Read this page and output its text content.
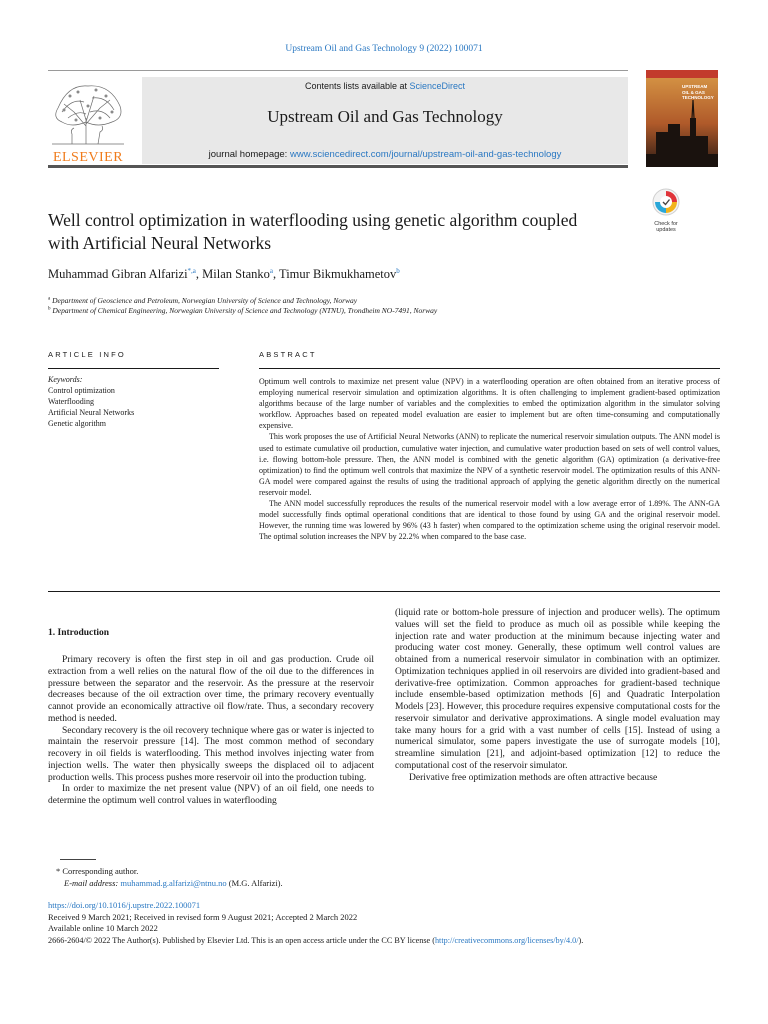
Upstream Oil and Gas Technology 9 (2022) 100071
ELSEVIER
Contents lists available at ScienceDirect
Upstream Oil and Gas Technology
journal homepage: www.sciencedirect.com/journal/upstream-oil-and-gas-technology
UPSTREAM
OIL & GAS
TECHNOLOGY
Check for
updates
Well control optimization in waterflooding using genetic algorithm coupled
with Artificial Neural Networks
Muhammad Gibran Alfarizi$^{*,a}$, Milan Stanko$^a$, Timur Bikmukhametov$^b$
$^a$ Department of Geoscience and Petroleum, Norwegian University of Science and Technology, Norway
$^b$ Department of Chemical Engineering, Norwegian University of Science and Technology (NTNU), Trondheim NO-7491, Norway
ARTICLE INFO
Keywords:
Control optimization
Waterflooding
Artificial Neural Networks
Genetic algorithm
ABSTRACT

Optimum well controls to maximize net present value (NPV) in a waterflooding operation are often obtained from an iterative process of employing numerical reservoir simulation and optimization algorithms. It is often challenging to implement gradient-based optimization algorithms because of the large number of variables and the complexities to embed the optimization algorithm in the simulator solving workflow. Approaches based on repeated model evaluation are easier to implement but are often time-consuming and computationally expensive.

This work proposes the use of Artificial Neural Networks (ANN) to replicate the numerical reservoir simulation outputs. The ANN model is used to estimate cumulative oil production, cumulative water injection, and cumulative water production based on sets of well control values, i.e. flowing bottom-hole pressure. Then, the ANN model is combined with the genetic algorithm (GA) optimization (a derivative-free optimization) to find the optimum well controls that maximize the NPV of a synthetic reservoir model. The optimization results of this ANN-GA model were compared against the results of using the traditional approach of applying the genetic algorithm directly on the numerical reservoir model.

The ANN model successfully reproduces the results of the numerical reservoir model with a low average error of 1.89%. The ANN-GA model successfully finds optimal operational conditions that are identical to those found by using GA and the original reservoir model. However, the running time was lowered by 96% (43 h faster) when compared to the optimization scheme using the original reservoir model. The optimal solution increases the NPV by 22.2% when compared to the base case.

1. Introduction

Primary recovery is often the first step in oil and gas production. Crude oil extraction from a well relies on the natural flow of the oil due to the differences in pressure between the separator and the reservoir. As the pressure at the reservoir decreases because of the oil extraction over time, the primary recovery eventually cannot provide an economically attractive oil flow/rate. Thus, a secondary recovery method is needed.

Secondary recovery is the oil recovery technique where gas or water is injected to maintain the reservoir pressure [14]. The most common method of secondary recovery in oil fields is waterflooding. This method involves injecting water from injection wells. The water then physically sweeps the displaced oil to adjacent production wells. This process pushes more reservoir oil into the production tubing.

In order to maximize the net present value (NPV) of an oil field, one needs to determine the optimum well control values in waterflooding

(liquid rate or bottom-hole pressure of injection and producer wells). The optimum values will set the field to produce as much oil as possible while keeping the injection rate and water production at the minimum because injecting water and producing water cost money. Generally, these optimum well control values are obtained from a numerical reservoir simulator in combination with an optimizer. Optimization techniques applied in oil reservoirs are divided into gradient-based and derivative-free optimization. Common approaches for gradient-based technique include ensemble-based optimization methods [6] and Quadratic Interpolation Models [23]. However, this procedure requires expensive computational costs for the reservoir simulator and derivative approximations. A single model evaluation may take many hours for a grid with a vast number of cells [15]. Instead of using a numerical simulator, some papers investigate the use of surrogate models [10], streamline simulation [21], and adjoint-based optimization [12] to reduce the computational cost of the reservoir simulator.

Derivative free optimization methods are often attractive because

* Corresponding author.
E-mail address: muhammad.g.alfarizi@ntnu.no (M.G. Alfarizi).
https://doi.org/10.1016/j.upstre.2022.100071
Received 9 March 2021; Received in revised form 9 August 2021; Accepted 2 March 2022
Available online 10 March 2022
2666-2604/© 2022 The Author(s). Published by Elsevier Ltd. This is an open access article under the CC BY license (http://creativecommons.org/licenses/by/4.0/).
